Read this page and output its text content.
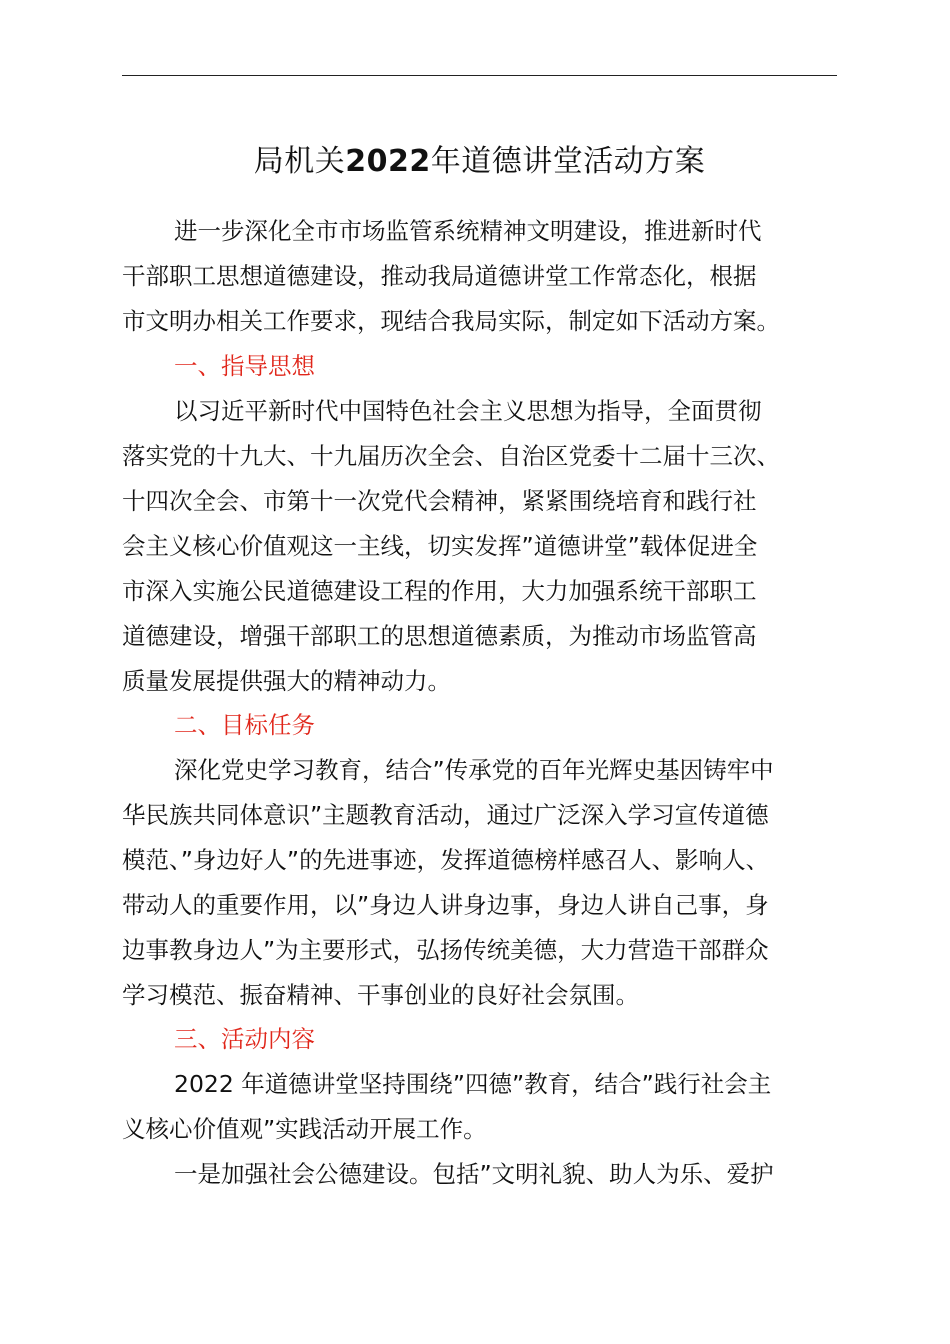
局机关2022年道德讲堂活动方案

进一步深化全市市场监管系统精神文明建设，推进新时代

干部职工思想道德建设，推动我局道德讲堂工作常态化，根据

市文明办相关工作要求，现结合我局实际，制定如下活动方案。

一、指导思想

以习近平新时代中国特色社会主义思想为指导，全面贯彻

落实党的十九大、十九届历次全会、自治区党委十二届十三次、

十四次全会、市第十一次党代会精神，紧紧围绕培育和践行社

会主义核心价值观这一主线，切实发挥”道德讲堂”载体促进全

市深入实施公民道德建设工程的作用，大力加强系统干部职工

道德建设，增强干部职工的思想道德素质，为推动市场监管高

质量发展提供强大的精神动力。

二、目标任务

深化党史学习教育，结合”传承党的百年光辉史基因铸牢中

华民族共同体意识”主题教育活动，通过广泛深入学习宣传道德

模范、”身边好人”的先进事迹，发挥道德榜样感召人、影响人、

带动人的重要作用，以”身边人讲身边事，身边人讲自己事，身

边事教身边人”为主要形式，弘扬传统美德，大力营造干部群众

学习模范、振奋精神、干事创业的良好社会氛围。

三、活动内容

2022 年道德讲堂坚持围绕”四德”教育，结合”践行社会主

义核心价值观”实践活动开展工作。

一是加强社会公德建设。包括”文明礼貌、助人为乐、爱护
